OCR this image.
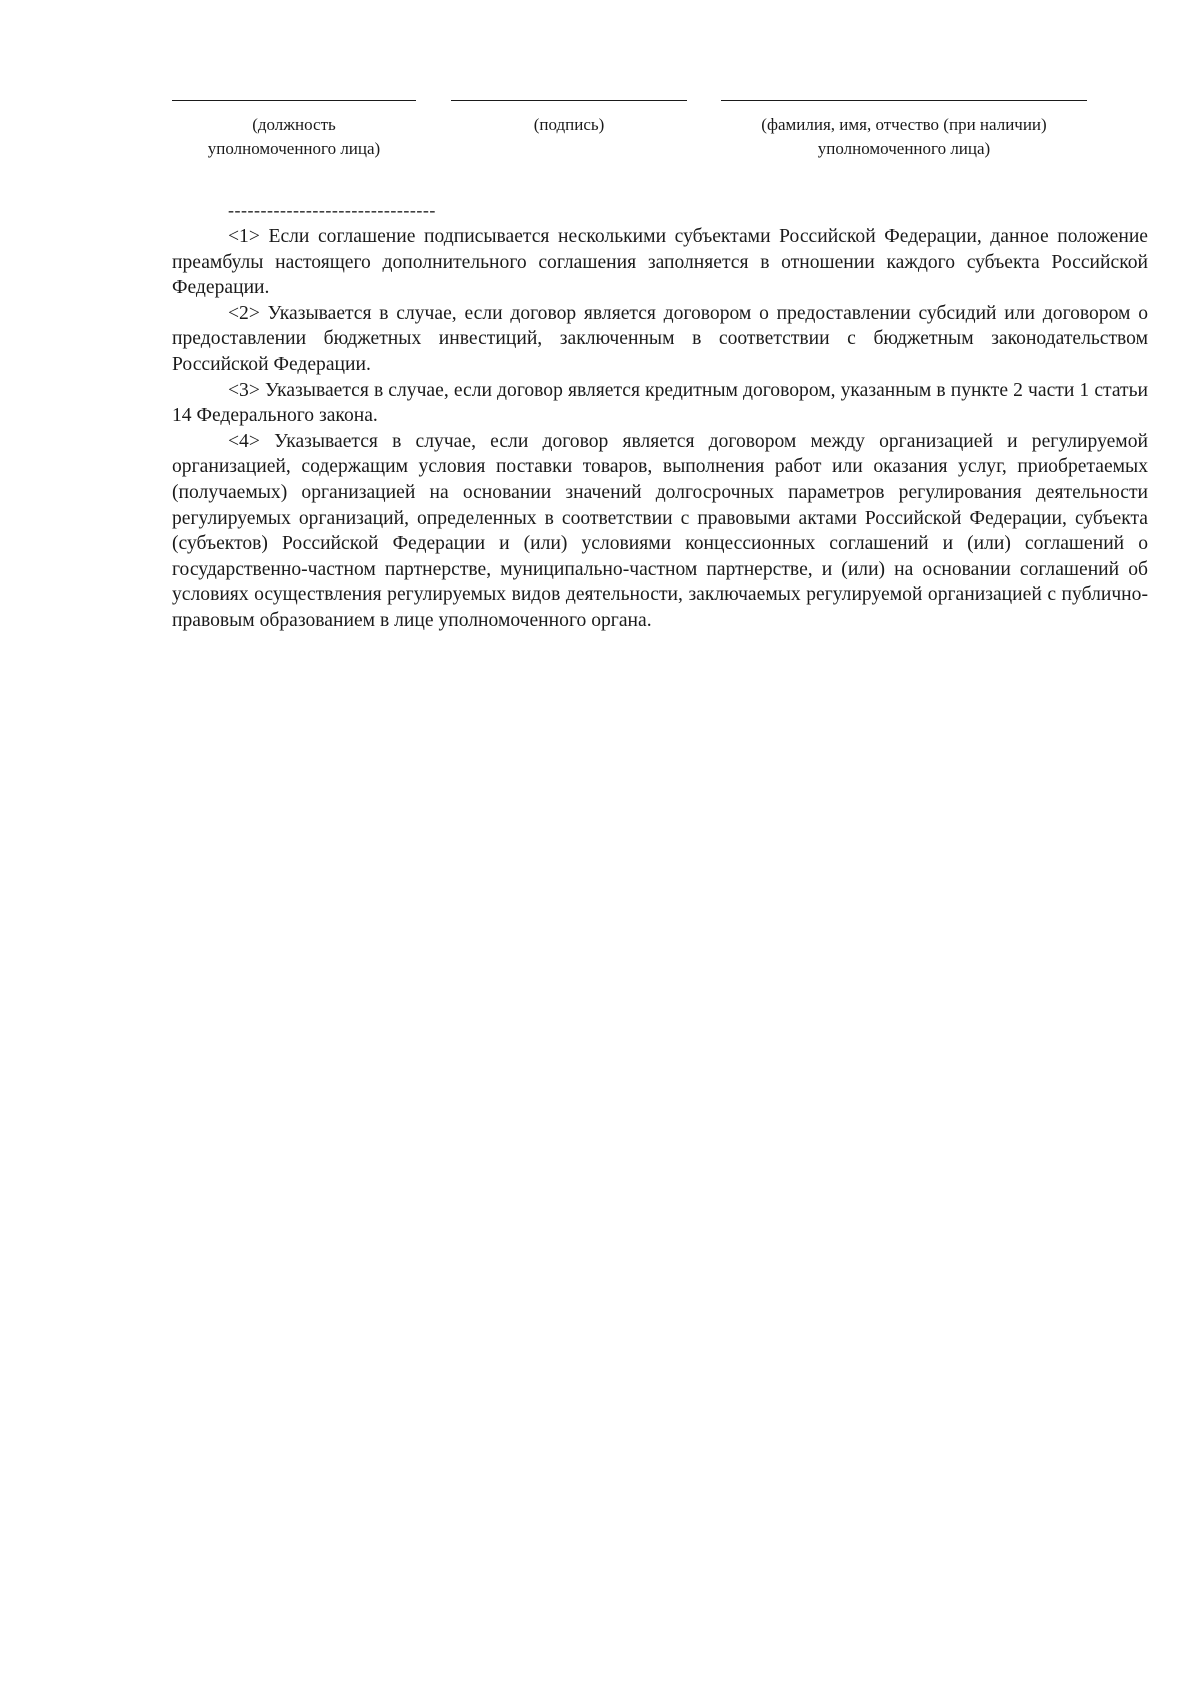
(должность
уполномоченного лица)
(подпись)	(фамилия, имя, отчество (при наличии)
уполномоченного лица)
--------------------------------

<1> Если соглашение подписывается несколькими субъектами Российской Федерации, данное положение преамбулы настоящего дополнительного соглашения заполняется в отношении каждого субъекта Российской Федерации.

<2> Указывается в случае, если договор является договором о предоставлении субсидий или договором о предоставлении бюджетных инвестиций, заключенным в соответствии с бюджетным законодательством Российской Федерации.

<3> Указывается в случае, если договор является кредитным договором, указанным в пункте 2 части 1 статьи 14 Федерального закона.

<4> Указывается в случае, если договор является договором между организацией и регулируемой организацией, содержащим условия поставки товаров, выполнения работ или оказания услуг, приобретаемых (получаемых) организацией на основании значений долгосрочных параметров регулирования деятельности регулируемых организаций, определенных в соответствии с правовыми актами Российской Федерации, субъекта (субъектов) Российской Федерации и (или) условиями концессионных соглашений и (или) соглашений о государственно-частном партнерстве, муниципально-частном партнерстве, и (или) на основании соглашений об условиях осуществления регулируемых видов деятельности, заключаемых регулируемой организацией с публично-правовым образованием в лице уполномоченного органа.
